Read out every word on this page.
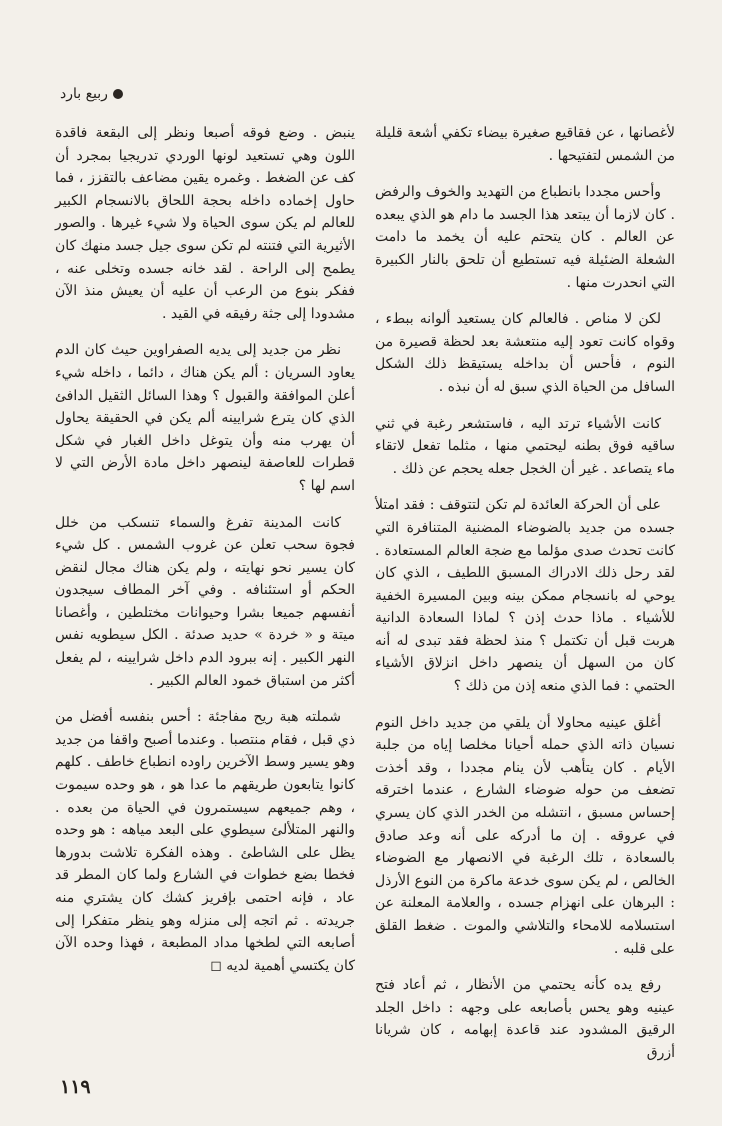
ربيع بارد

لأغصانها ، عن فقاقيع صغيرة بيضاء تكفي أشعة قليلة من الشمس لتفتيحها .

وأحس مجددا بانطباع من التهديد والخوف والرفض . كان لازما أن يبتعد هذا الجسد ما دام هو الذي يبعده عن العالم . كان يتحتم عليه أن يخمد ما دامت الشعلة الضئيلة فيه تستطيع أن تلحق بالنار الكبيرة التي انحدرت منها .

لكن لا مناص . فالعالم كان يستعيد ألوانه ببطء ، وقواه كانت تعود إليه منتعشة بعد لحظة قصيرة من النوم ، فأحس أن بداخله يستيقظ ذلك الشكل السافل من الحياة الذي سبق له أن نبذه .

كانت الأشياء ترتد اليه ، فاستشعر رغبة في ثني ساقيه فوق بطنه ليحتمي منها ، مثلما تفعل لاتقاء ماء يتصاعد . غير أن الخجل جعله يحجم عن ذلك .

على أن الحركة العائدة لم تكن لتتوقف : فقد امتلأ جسده من جديد بالضوضاء المضنية المتنافرة التي كانت تحدث صدى مؤلما مع ضجة العالم المستعادة . لقد رحل ذلك الادراك المسبق اللطيف ، الذي كان يوحي له بانسجام ممكن بينه وبين المسيرة الخفية للأشياء . ماذا حدث إذن ؟ لماذا السعادة الدانية هربت قبل أن تكتمل ؟ منذ لحظة فقد تبدى له أنه كان من السهل أن ينصهر داخل انزلاق الأشياء الحتمي : فما الذي منعه إذن من ذلك ؟

أغلق عينيه محاولا أن يلقي من جديد داخل النوم نسيان ذاته الذي حمله أحيانا مخلصا إياه من جلبة الأيام . كان يتأهب لأن ينام مجددا ، وقد أخذت تضعف من حوله ضوضاء الشارع ، عندما اخترقه إحساس مسبق ، انتشله من الخدر الذي كان يسري في عروقه . إن ما أدركه على أنه وعد صادق بالسعادة ، تلك الرغبة في الانصهار مع الضوضاء الخالص ، لم يكن سوى خدعة ماكرة من النوع الأرذل : البرهان على انهزام جسده ، والعلامة المعلنة عن استسلامه للامحاء والتلاشي والموت . ضغط القلق على قلبه .

رفع يده كأنه يحتمي من الأنظار ، ثم أعاد فتح عينيه وهو يحس بأصابعه على وجهه : داخل الجلد الرقيق المشدود عند قاعدة إبهامه ، كان شريانا أزرق

ينبض . وضع فوقه أصبعا ونظر إلى البقعة فاقدة اللون وهي تستعيد لونها الوردي تدريجيا بمجرد أن كف عن الضغط . وغمره يقين مضاعف بالتقزز ، فما حاول إخماده داخله بحجة اللحاق بالانسجام الكبير للعالم لم يكن سوى الحياة ولا شيء غيرها . والصور الأثيرية التي فتنته لم تكن سوى جيل جسد منهك كان يطمح إلى الراحة . لقد خانه جسده وتخلى عنه ، ففكر بنوع من الرعب أن عليه أن يعيش منذ الآن مشدودا إلى جثة رفيقه في القيد .

نظر من جديد إلى يديه الصفراوين حيث كان الدم يعاود السريان : ألم يكن هناك ، دائما ، داخله شيء أعلن الموافقة والقبول ؟ وهذا السائل الثقيل الدافئ الذي كان يترع شرايينه ألم يكن في الحقيقة يحاول أن يهرب منه وأن يتوغل داخل الغبار في شكل قطرات للعاصفة لينصهر داخل مادة الأرض التي لا اسم لها ؟

كانت المدينة تفرغ والسماء تنسكب من خلل فجوة سحب تعلن عن غروب الشمس . كل شيء كان يسير نحو نهايته ، ولم يكن هناك مجال لنقض الحكم أو استئنافه . وفي آخر المطاف سيجدون أنفسهم جميعا بشرا وحيوانات مختلطين ، وأغصانا ميتة و « خردة » حديد صدئة . الكل سيطويه نفس النهر الكبير . إنه ببرود الدم داخل شرايينه ، لم يفعل أكثر من استباق خمود العالم الكبير .

شملته هبة ريح مفاجئة : أحس بنفسه أفضل من ذي قبل ، فقام منتصبا . وعندما أصبح واقفا من جديد وهو يسير وسط الآخرين راوده انطباع خاطف . كلهم كانوا يتابعون طريقهم ما عدا هو ، هو وحده سيموت ، وهم جميعهم سيستمرون في الحياة من بعده . والنهر المتلألئ سيطوي على البعد مياهه : هو وحده يظل على الشاطئ . وهذه الفكرة تلاشت بدورها فخطا بضع خطوات في الشارع ولما كان المطر قد عاد ، فإنه احتمى بإفريز كشك كان يشتري منه جريدته . ثم اتجه إلى منزله وهو ينظر متفكرا إلى أصابعه التي لطخها مداد المطبعة ، فهذا وحده الآن كان يكتسي أهمية لديه ◻

١١٩
